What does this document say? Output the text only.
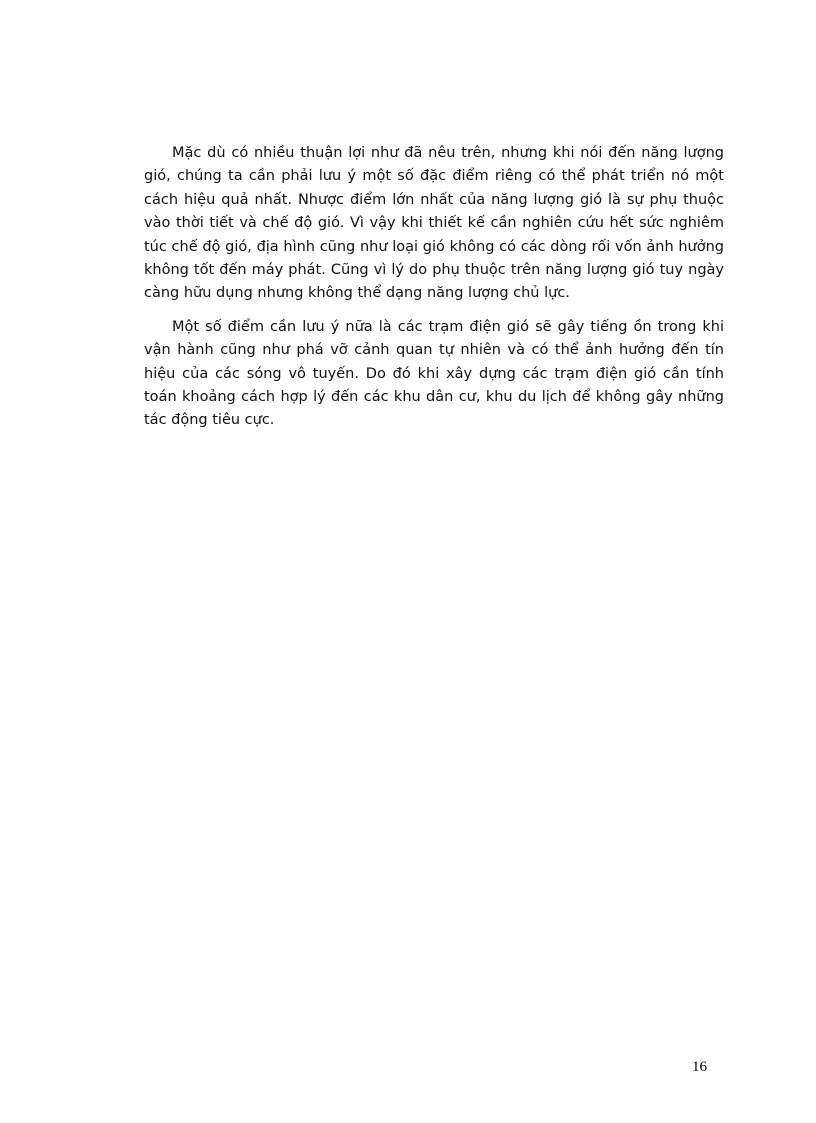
Mặc dù có nhiều thuận lợi như đã nêu trên, nhưng khi nói đến năng lượng gió, chúng ta cần phải lưu ý một số đặc điểm riêng có thể phát triển nó một cách hiệu quả nhất. Nhược điểm lớn nhất của năng lượng gió là sự phụ thuộc vào thời tiết và chế độ gió. Vì vậy khi thiết kế cần nghiên cứu hết sức nghiêm túc chế độ gió, địa hình cũng như loại gió không có các dòng rối vốn ảnh hưởng không tốt đến máy phát. Cũng vì lý do phụ thuộc trên năng lượng gió tuy ngày càng hữu dụng nhưng không thể dạng năng lượng chủ lực.

Một số điểm cần lưu ý nữa là các trạm điện gió sẽ gây tiếng ồn trong khi vận hành cũng như phá vỡ cảnh quan tự nhiên và có thể ảnh hưởng đến tín hiệu của các sóng vô tuyến. Do đó khi xây dựng các trạm điện gió cần tính toán khoảng cách hợp lý đến các khu dân cư, khu du lịch để không gây những tác động tiêu cực.

16
